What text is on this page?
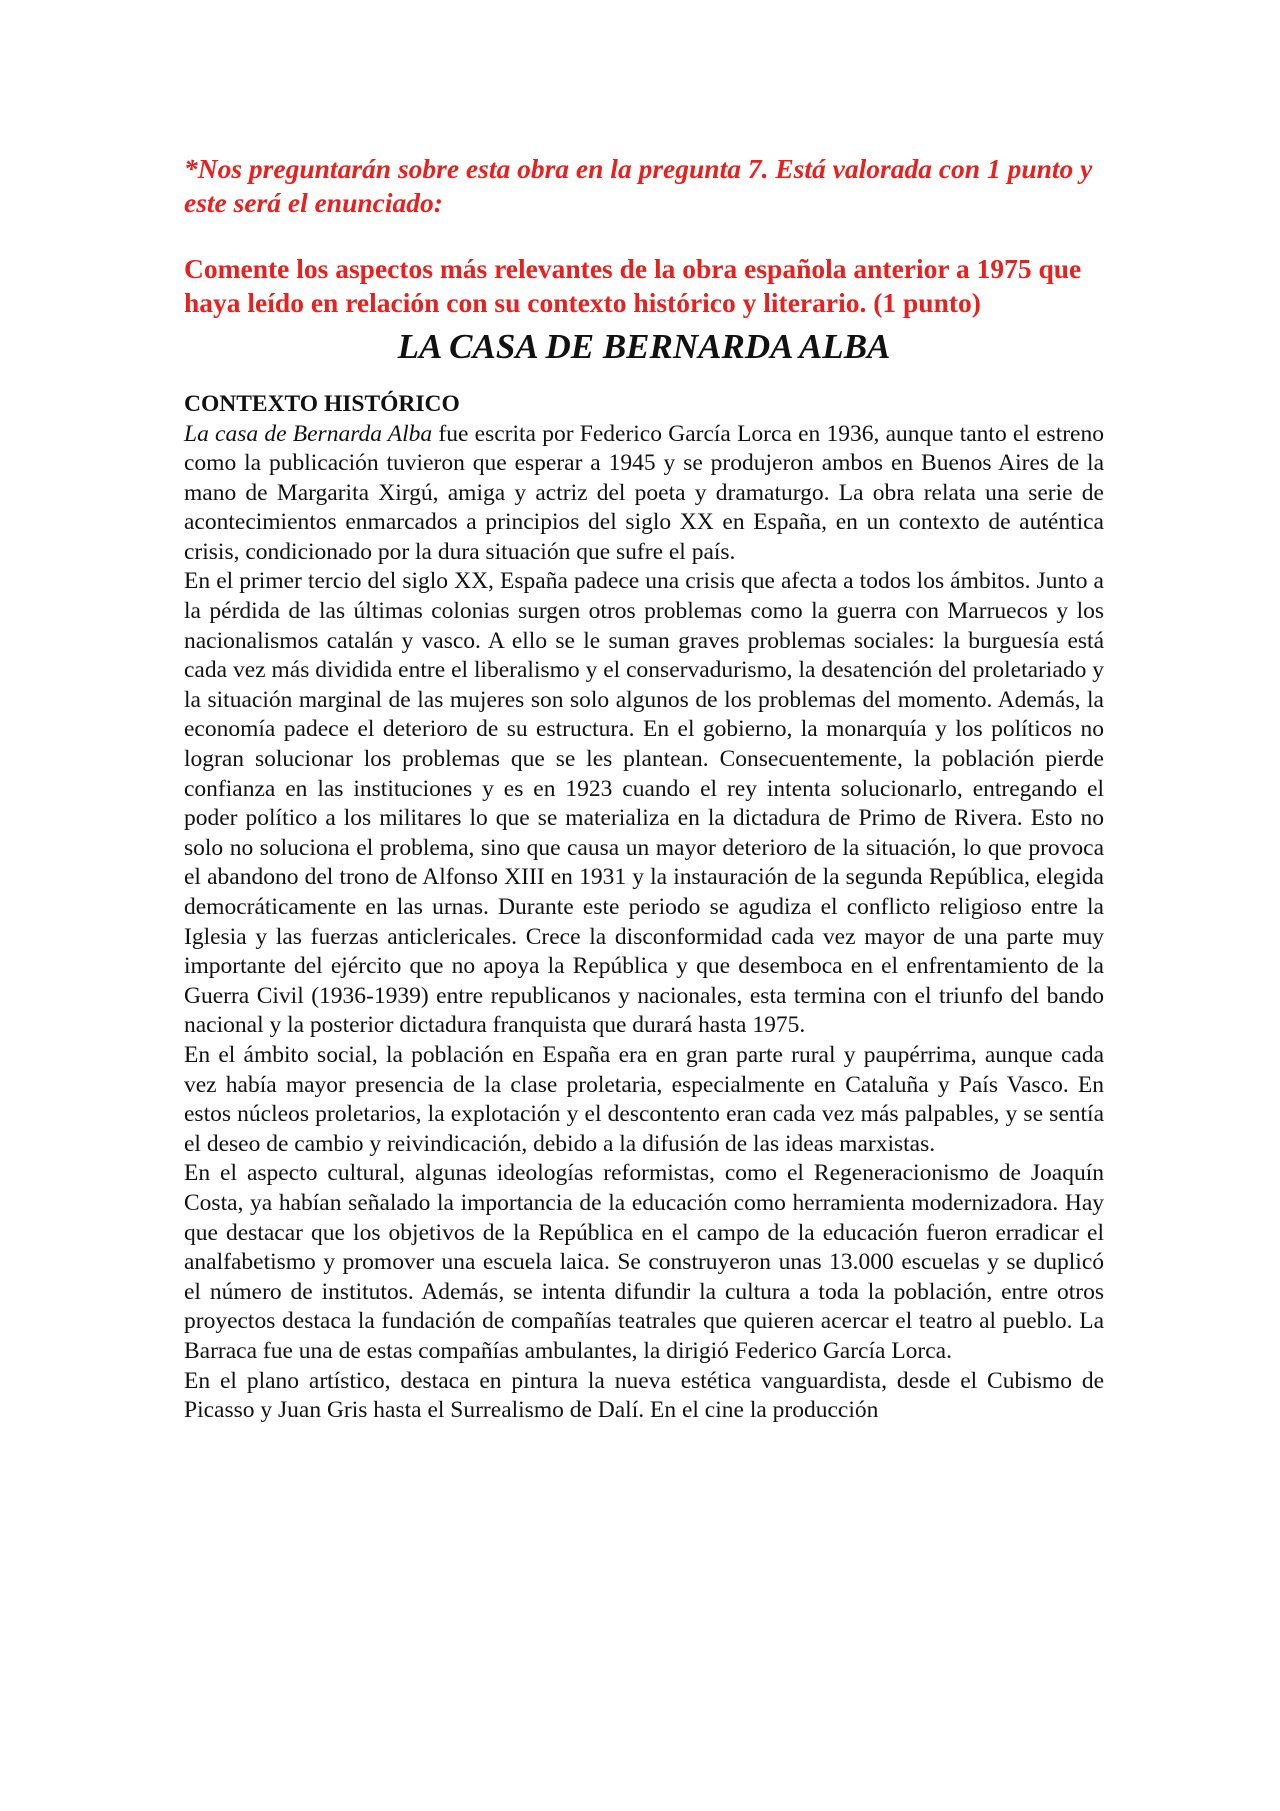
*Nos preguntarán sobre esta obra en la pregunta 7. Está valorada con 1 punto y este será el enunciado:

Comente los aspectos más relevantes de la obra española anterior a 1975 que haya leído en relación con su contexto histórico y literario. (1 punto)

LA CASA DE BERNARDA ALBA
CONTEXTO HISTÓRICO

La casa de Bernarda Alba fue escrita por Federico García Lorca en 1936, aunque tanto el estreno como la publicación tuvieron que esperar a 1945 y se produjeron ambos en Buenos Aires de la mano de Margarita Xirgú, amiga y actriz del poeta y dramaturgo. La obra relata una serie de acontecimientos enmarcados a principios del siglo XX en España, en un contexto de auténtica crisis, condicionado por la dura situación que sufre el país.

En el primer tercio del siglo XX, España padece una crisis que afecta a todos los ámbitos. Junto a la pérdida de las últimas colonias surgen otros problemas como la guerra con Marruecos y los nacionalismos catalán y vasco. A ello se le suman graves problemas sociales: la burguesía está cada vez más dividida entre el liberalismo y el conservadurismo, la desatención del proletariado y la situación marginal de las mujeres son solo algunos de los problemas del momento. Además, la economía padece el deterioro de su estructura. En el gobierno, la monarquía y los políticos no logran solucionar los problemas que se les plantean. Consecuentemente, la población pierde confianza en las instituciones y es en 1923 cuando el rey intenta solucionarlo, entregando el poder político a los militares lo que se materializa en la dictadura de Primo de Rivera. Esto no solo no soluciona el problema, sino que causa un mayor deterioro de la situación, lo que provoca el abandono del trono de Alfonso XIII en 1931 y la instauración de la segunda República, elegida democráticamente en las urnas. Durante este periodo se agudiza el conflicto religioso entre la Iglesia y las fuerzas anticlericales. Crece la disconformidad cada vez mayor de una parte muy importante del ejército que no apoya la República y que desemboca en el enfrentamiento de la Guerra Civil (1936-1939) entre republicanos y nacionales, esta termina con el triunfo del bando nacional y la posterior dictadura franquista que durará hasta 1975.

En el ámbito social, la población en España era en gran parte rural y paupérrima, aunque cada vez había mayor presencia de la clase proletaria, especialmente en Cataluña y País Vasco. En estos núcleos proletarios, la explotación y el descontento eran cada vez más palpables, y se sentía el deseo de cambio y reivindicación, debido a la difusión de las ideas marxistas.

En el aspecto cultural, algunas ideologías reformistas, como el Regeneracionismo de Joaquín Costa, ya habían señalado la importancia de la educación como herramienta modernizadora. Hay que destacar que los objetivos de la República en el campo de la educación fueron erradicar el analfabetismo y promover una escuela laica. Se construyeron unas 13.000 escuelas y se duplicó el número de institutos. Además, se intenta difundir la cultura a toda la población, entre otros proyectos destaca la fundación de compañías teatrales que quieren acercar el teatro al pueblo. La Barraca fue una de estas compañías ambulantes, la dirigió Federico García Lorca.

En el plano artístico, destaca en pintura la nueva estética vanguardista, desde el Cubismo de Picasso y Juan Gris hasta el Surrealismo de Dalí. En el cine la producción
